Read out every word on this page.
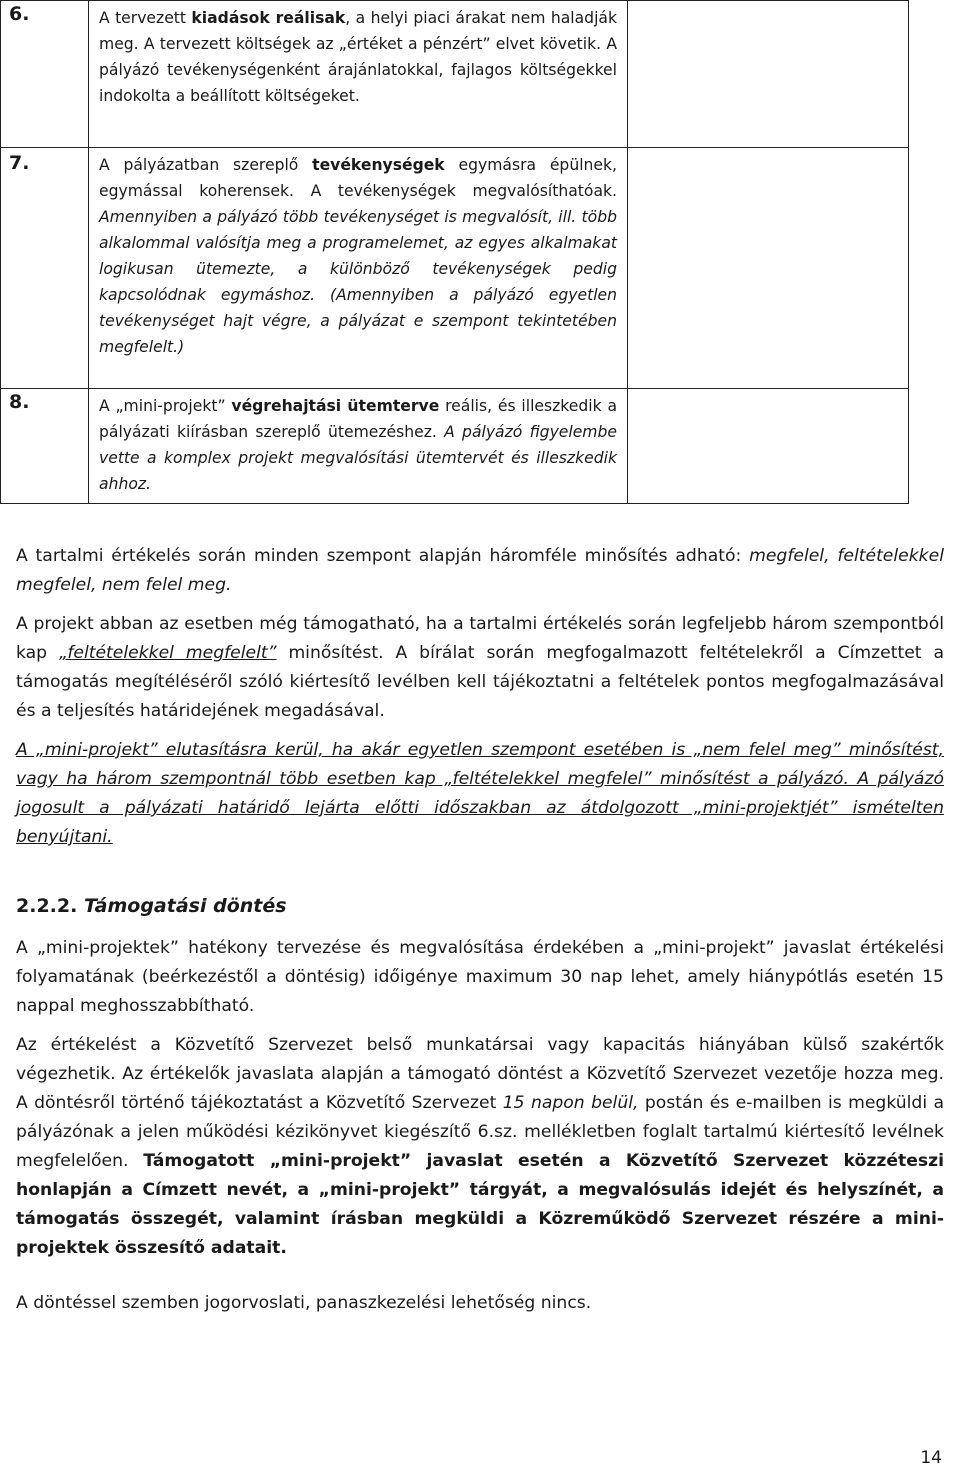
6.	A tervezett kiadások reálisak, a helyi piaci árakat nem haladják meg. A tervezett költségek az „értéket a pénzért” elvet követik. A pályázó tevékenységenként árajánlatokkal, fajlagos költségekkel indokolta a beállított költségeket.	

7.	A pályázatban szereplő tevékenységek egymásra épülnek, egymással koherensek. A tevékenységek megvalósíthatóak. Amennyiben a pályázó több tevékenységet is megvalósít, ill. több alkalommal valósítja meg a programelemet, az egyes alkalmakat logikusan ütemezte, a különböző tevékenységek pedig kapcsolódnak egymáshoz. (Amennyiben a pályázó egyetlen tevékenységet hajt végre, a pályázat e szempont tekintetében megfelelt.)	

8.	A „mini-projekt” végrehajtási ütemterve reális, és illeszkedik a pályázati kiírásban szereplő ütemezéshez. A pályázó figyelembe vette a komplex projekt megvalósítási ütemtervét és illeszkedik ahhoz.	

A tartalmi értékelés során minden szempont alapján háromféle minősítés adható: megfelel, feltételekkel megfelel, nem felel meg.

A projekt abban az esetben még támogatható, ha a tartalmi értékelés során legfeljebb három szempontból kap „feltételekkel megfelelt” minősítést. A bírálat során megfogalmazott feltételekről a Címzettet a támogatás megítéléséről szóló kiértesítő levélben kell tájékoztatni a feltételek pontos megfogalmazásával és a teljesítés határidejének megadásával.

A „mini-projekt” elutasításra kerül, ha akár egyetlen szempont esetében is „nem felel meg” minősítést, vagy ha három szempontnál több esetben kap „feltételekkel megfelel” minősítést a pályázó. A pályázó jogosult a pályázati határidő lejárta előtti időszakban az átdolgozott „mini-projektjét” ismételten benyújtani.

2.2.2. Támogatási döntés

A „mini-projektek” hatékony tervezése és megvalósítása érdekében a „mini-projekt” javaslat értékelési folyamatának (beérkezéstől a döntésig) időigénye maximum 30 nap lehet, amely hiánypótlás esetén 15 nappal meghosszabbítható.

Az értékelést a Közvetítő Szervezet belső munkatársai vagy kapacitás hiányában külső szakértők végezhetik. Az értékelők javaslata alapján a támogató döntést a Közvetítő Szervezet vezetője hozza meg. A döntésről történő tájékoztatást a Közvetítő Szervezet 15 napon belül, postán és e-mailben is megküldi a pályázónak a jelen működési kézikönyvet kiegészítő 6.sz. mellékletben foglalt tartalmú kiértesítő levélnek megfelelően. Támogatott „mini-projekt” javaslat esetén a Közvetítő Szervezet közzéteszi honlapján a Címzett nevét, a „mini-projekt” tárgyát, a megvalósulás idejét és helyszínét, a támogatás összegét, valamint írásban megküldi a Közreműködő Szervezet részére a mini-projektek összesítő adatait.

A döntéssel szemben jogorvoslati, panaszkezelési lehetőség nincs.

14
